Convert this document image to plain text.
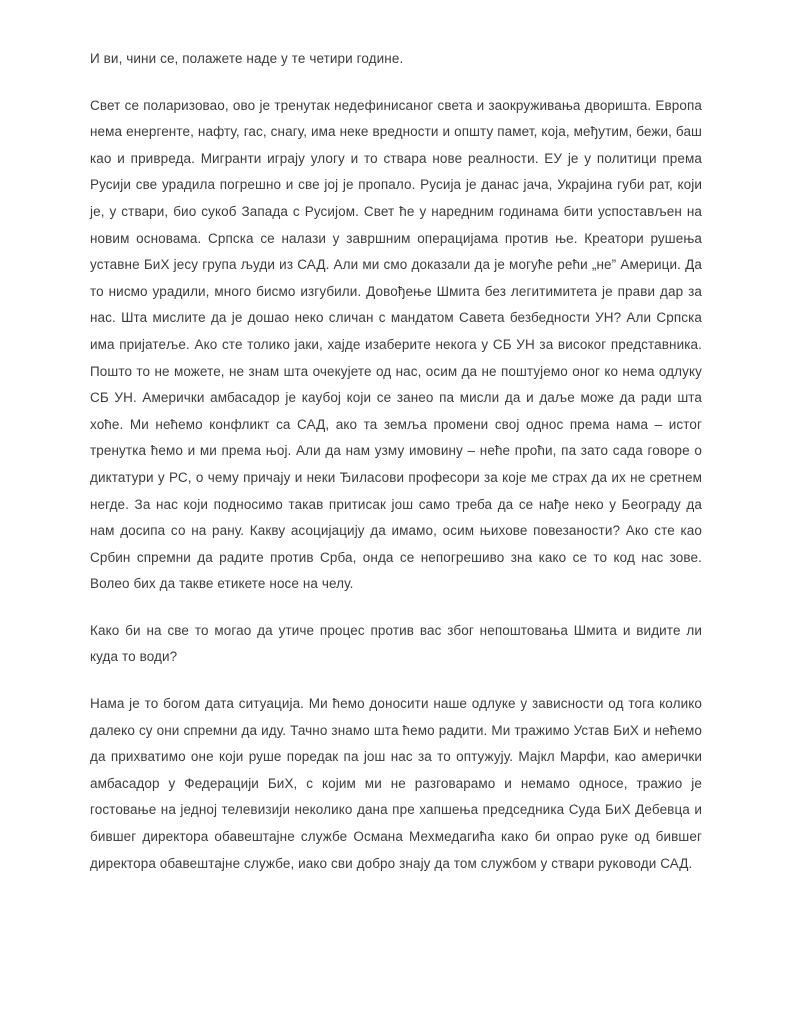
И ви, чини се, полажете наде у те четири године.

Свет се поларизовао, ово је тренутак недефинисаног света и заокруживања дворишта. Европа нема енергенте, нафту, гас, снагу, има неке вредности и општу памет, која, међутим, бежи, баш као и привреда. Мигранти играју улогу и то ствара нове реалности. ЕУ је у политици према Русији све урадила погрешно и све јој је пропало. Русија је данас јача, Украјина губи рат, који је, у ствари, био сукоб Запада с Русијом. Свет ће у наредним годинама бити успостављен на новим основама. Српска се налази у завршним операцијама против ње. Креатори рушења уставне БиХ јесу група људи из САД. Али ми смо доказали да је могуће рећи „не” Америци. Да то нисмо урадили, много бисмо изгубили. Довођење Шмита без легитимитета је прави дар за нас. Шта мислите да је дошао неко сличан с мандатом Савета безбедности УН? Али Српска има пријатеље. Ако сте толико јаки, хајде изаберите некога у СБ УН за високог представника. Пошто то не можете, не знам шта очекујете од нас, осим да не поштујемо оног ко нема одлуку СБ УН. Амерички амбасадор је каубој који се занео па мисли да и даље може да ради шта хоће. Ми нећемо конфликт са САД, ако та земља промени свој однос према нама – истог тренутка ћемо и ми према њој. Али да нам узму имовину – неће проћи, па зато сада говоре о диктатури у РС, о чему причају и неки Ђиласови професори за које ме страх да их не сретнем негде. За нас који подносимо такав притисак још само треба да се нађе неко у Београду да нам досипа со на рану. Какву асоцијацију да имамо, осим њихове повезаности? Ако сте као Србин спремни да радите против Срба, онда се непогрешиво зна како се то код нас зове. Волео бих да такве етикете носе на челу.

Како би на све то могао да утиче процес против вас због непоштовања Шмита и видите ли куда то води?

Нама је то богом дата ситуација. Ми ћемо доносити наше одлуке у зависности од тога колико далеко су они спремни да иду. Тачно знамо шта ћемо радити. Ми тражимо Устав БиХ и нећемо да прихватимо оне који руше поредак па још нас за то оптужују. Мајкл Марфи, као амерички амбасадор у Федерацији БиХ, с којим ми не разговарамо и немамо односе, тражио је гостовање на једној телевизији неколико дана пре хапшења председника Суда БиХ Дебевца и бившег директора обавештајне службе Османа Мехмедагића како би опрао руке од бившег директора обавештајне службе, иако сви добро знају да том службом у ствари руководи САД.
